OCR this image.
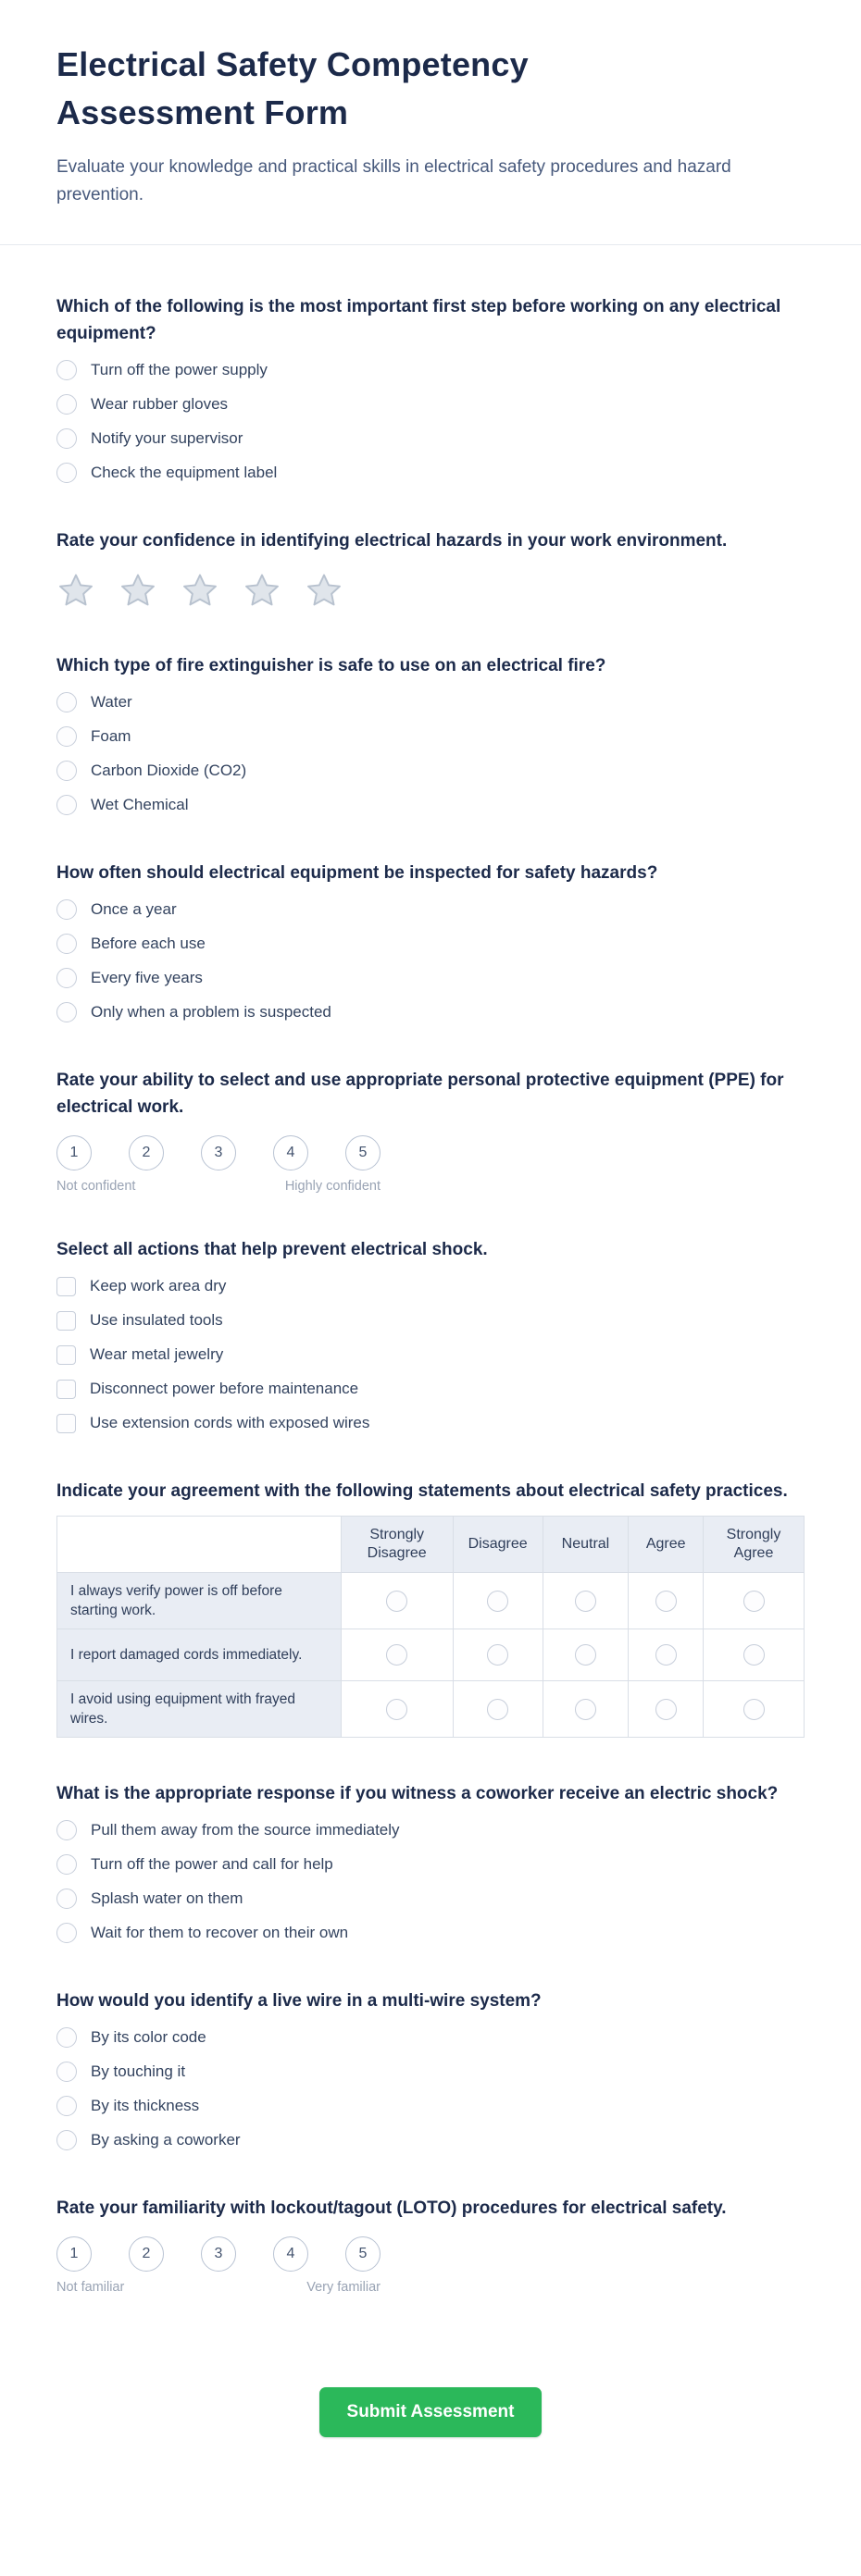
Electrical Safety Competency Assessment Form

Evaluate your knowledge and practical skills in electrical safety procedures and hazard prevention.

Which of the following is the most important first step before working on any electrical equipment?
Turn off the power supply
Wear rubber gloves
Notify your supervisor
Check the equipment label
Rate your confidence in identifying electrical hazards in your work environment.
Which type of fire extinguisher is safe to use on an electrical fire?
Water
Foam
Carbon Dioxide (CO2)
Wet Chemical
How often should electrical equipment be inspected for safety hazards?
Once a year
Before each use
Every five years
Only when a problem is suspected
Rate your ability to select and use appropriate personal protective equipment (PPE) for electrical work.
1	2	3	4	5
Not confident	Highly confident
Select all actions that help prevent electrical shock.
Keep work area dry
Use insulated tools
Wear metal jewelry
Disconnect power before maintenance
Use extension cords with exposed wires
Indicate your agreement with the following statements about electrical safety practices.
	Strongly Disagree	Disagree	Neutral	Agree	Strongly Agree
I always verify power is off before starting work.	

I report damaged cords immediately.	

I avoid using equipment with frayed wires.	

What is the appropriate response if you witness a coworker receive an electric shock?
Pull them away from the source immediately
Turn off the power and call for help
Splash water on them
Wait for them to recover on their own
How would you identify a live wire in a multi-wire system?
By its color code
By touching it
By its thickness
By asking a coworker
Rate your familiarity with lockout/tagout (LOTO) procedures for electrical safety.
1	2	3	4	5
Not familiar	Very familiar
Submit Assessment
